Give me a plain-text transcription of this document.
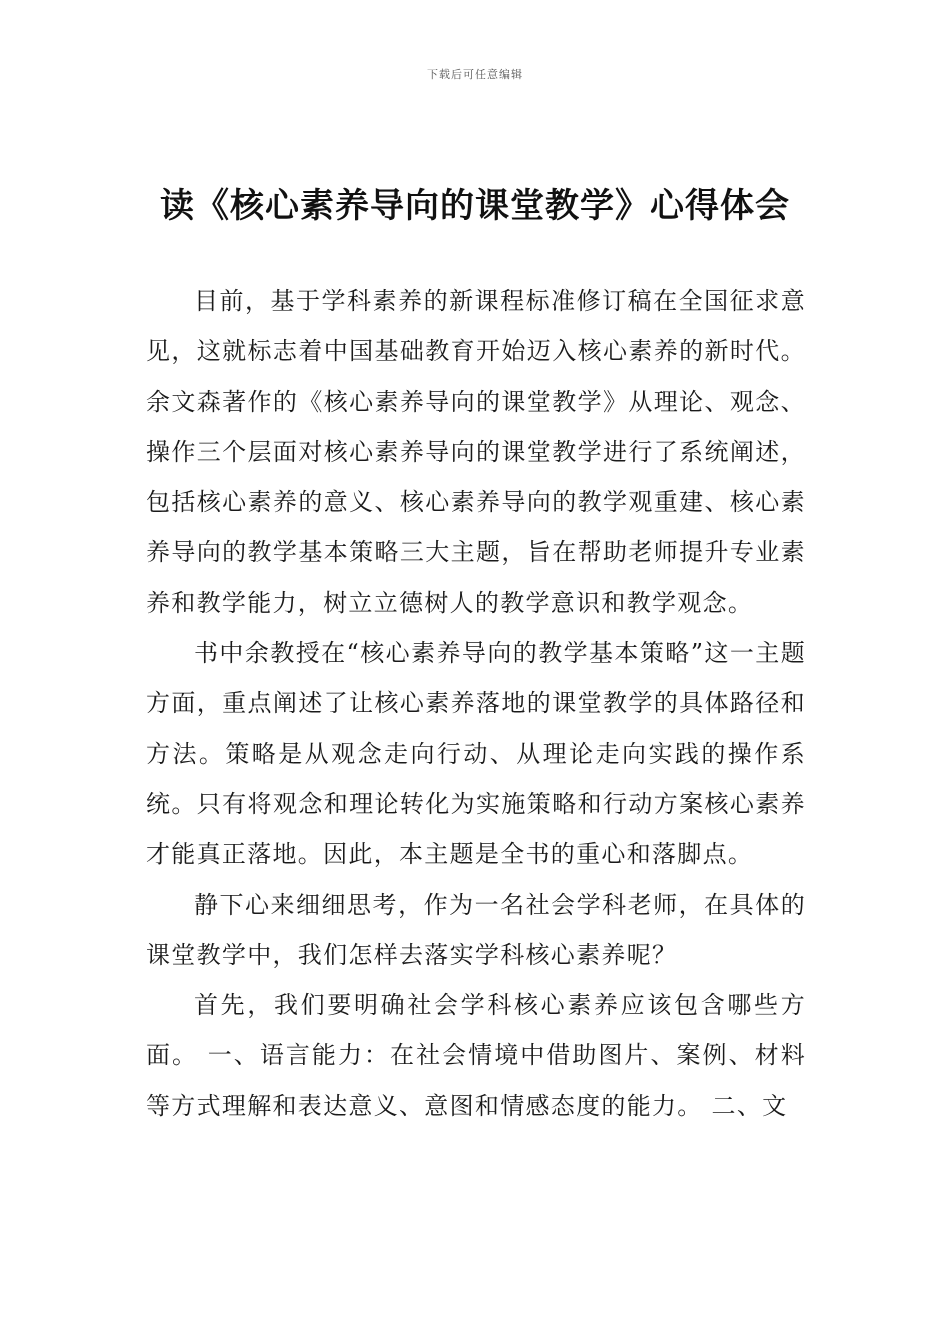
下载后可任意编辑
读《核心素养导向的课堂教学》心得体会

目前，基于学科素养的新课程标准修订稿在全国征求意见，这就标志着中国基础教育开始迈入核心素养的新时代。余文森著作的《核心素养导向的课堂教学》从理论、观念、操作三个层面对核心素养导向的课堂教学进行了系统阐述，包括核心素养的意义、核心素养导向的教学观重建、核心素养导向的教学基本策略三大主题，旨在帮助老师提升专业素养和教学能力，树立立德树人的教学意识和教学观念。

书中余教授在“核心素养导向的教学基本策略”这一主题方面，重点阐述了让核心素养落地的课堂教学的具体路径和方法。策略是从观念走向行动、从理论走向实践的操作系统。只有将观念和理论转化为实施策略和行动方案核心素养才能真正落地。因此，本主题是全书的重心和落脚点。

静下心来细细思考，作为一名社会学科老师，在具体的课堂教学中，我们怎样去落实学科核心素养呢？

首先，我们要明确社会学科核心素养应该包含哪些方面。 一、语言能力：在社会情境中借助图片、案例、材料等方式理解和表达意义、意图和情感态度的能力。 二、文
